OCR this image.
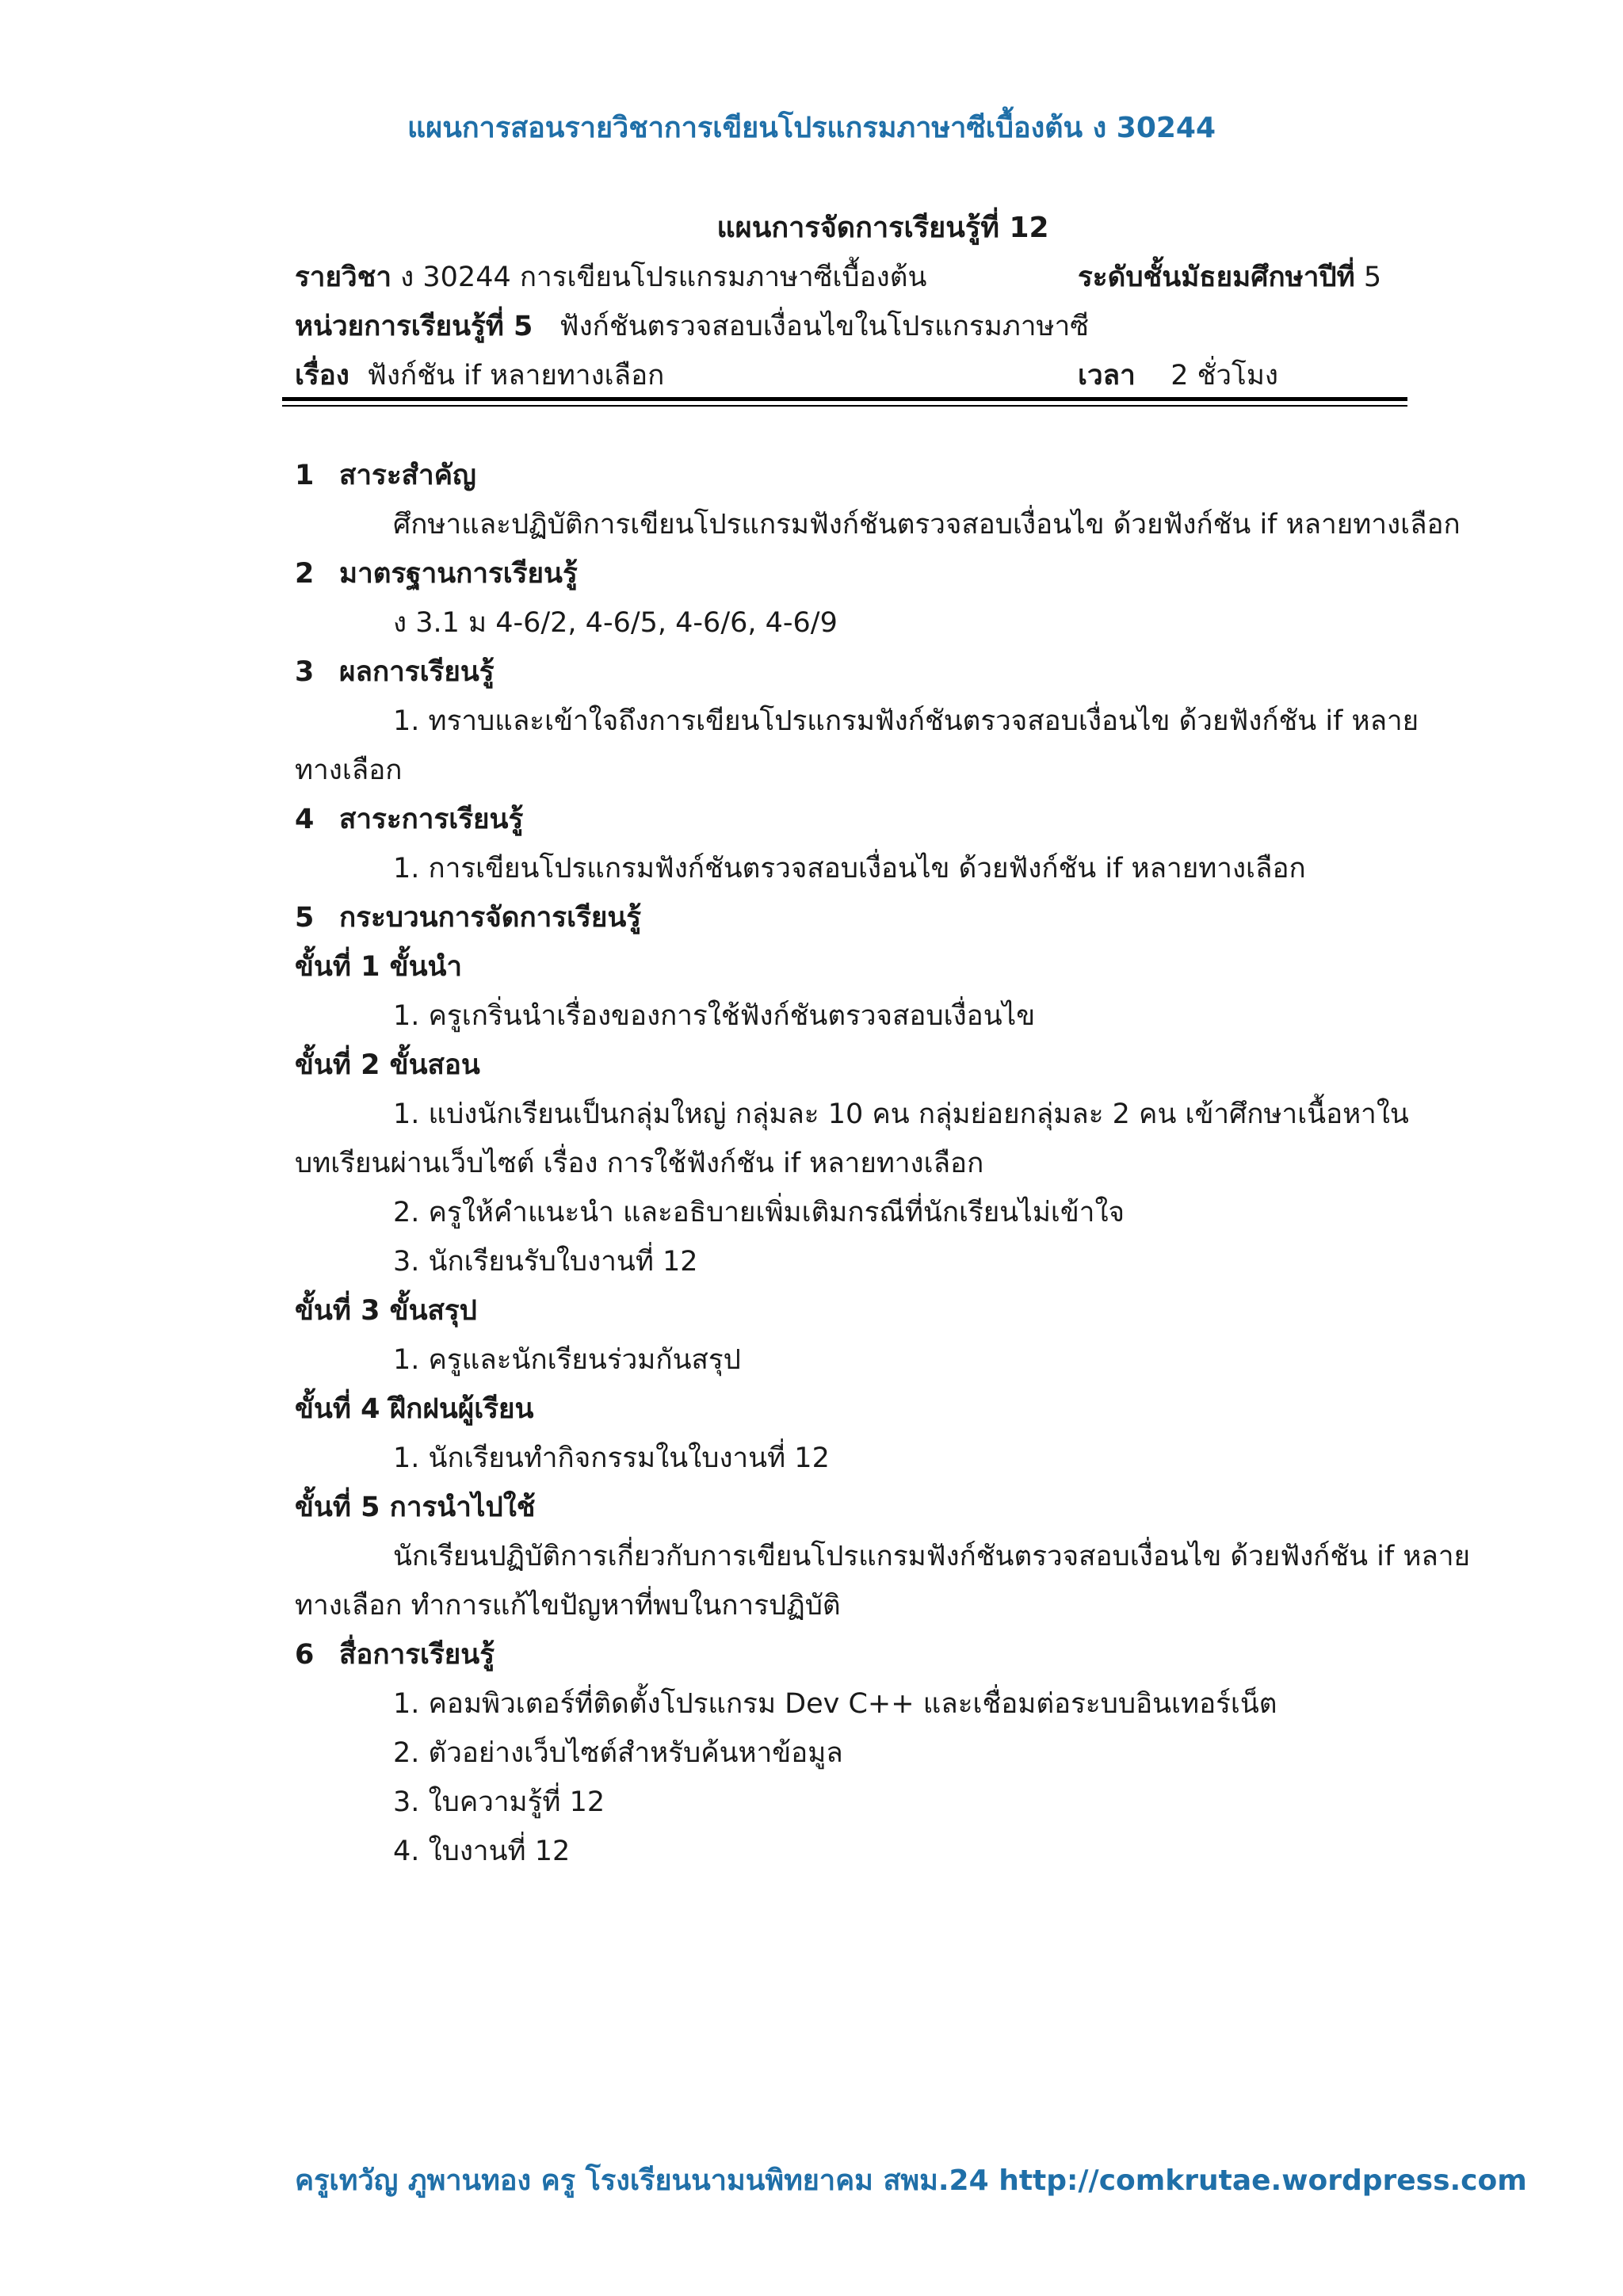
แผนการสอนรายวิชาการเขียนโปรแกรมภาษาซีเบื้องต้น ง 30244
แผนการจัดการเรียนรู้ที่ 12
รายวิชา ง 30244 การเขียนโปรแกรมภาษาซีเบื้องต้น	ระดับชั้นมัธยมศึกษาปีที่ 5
หน่วยการเรียนรู้ที่ 5 ฟังก์ชันตรวจสอบเงื่อนไขในโปรแกรมภาษาซี
เรื่อง ฟังก์ชัน if หลายทางเลือก	เวลา 2 ชั่วโมง
1 สาระสำคัญ
ศึกษาและปฏิบัติการเขียนโปรแกรมฟังก์ชันตรวจสอบเงื่อนไข ด้วยฟังก์ชัน if หลายทางเลือก
2 มาตรฐานการเรียนรู้
ง 3.1 ม 4-6/2, 4-6/5, 4-6/6, 4-6/9
3 ผลการเรียนรู้
1. ทราบและเข้าใจถึงการเขียนโปรแกรมฟังก์ชันตรวจสอบเงื่อนไข ด้วยฟังก์ชัน if หลาย
ทางเลือก
4 สาระการเรียนรู้
1. การเขียนโปรแกรมฟังก์ชันตรวจสอบเงื่อนไข ด้วยฟังก์ชัน if หลายทางเลือก
5 กระบวนการจัดการเรียนรู้
ขั้นที่ 1 ขั้นนำ
1. ครูเกริ่นนำเรื่องของการใช้ฟังก์ชันตรวจสอบเงื่อนไข
ขั้นที่ 2 ขั้นสอน
1. แบ่งนักเรียนเป็นกลุ่มใหญ่ กลุ่มละ 10 คน กลุ่มย่อยกลุ่มละ 2 คน เข้าศึกษาเนื้อหาใน
บทเรียนผ่านเว็บไซต์ เรื่อง การใช้ฟังก์ชัน if หลายทางเลือก
2. ครูให้คำแนะนำ และอธิบายเพิ่มเติมกรณีที่นักเรียนไม่เข้าใจ
3. นักเรียนรับใบงานที่ 12
ขั้นที่ 3 ขั้นสรุป
1. ครูและนักเรียนร่วมกันสรุป
ขั้นที่ 4 ฝึกฝนผู้เรียน
1. นักเรียนทำกิจกรรมในใบงานที่ 12
ขั้นที่ 5 การนำไปใช้
นักเรียนปฏิบัติการเกี่ยวกับการเขียนโปรแกรมฟังก์ชันตรวจสอบเงื่อนไข ด้วยฟังก์ชัน if หลาย
ทางเลือก ทำการแก้ไขปัญหาที่พบในการปฏิบัติ
6 สื่อการเรียนรู้
1. คอมพิวเตอร์ที่ติดตั้งโปรแกรม Dev C++ และเชื่อมต่อระบบอินเทอร์เน็ต
2. ตัวอย่างเว็บไซต์สำหรับค้นหาข้อมูล
3. ใบความรู้ที่ 12
4. ใบงานที่ 12
ครูเทวัญ ภูพานทอง ครู โรงเรียนนามนพิทยาคม สพม.24 http://comkrutae.wordpress.com
